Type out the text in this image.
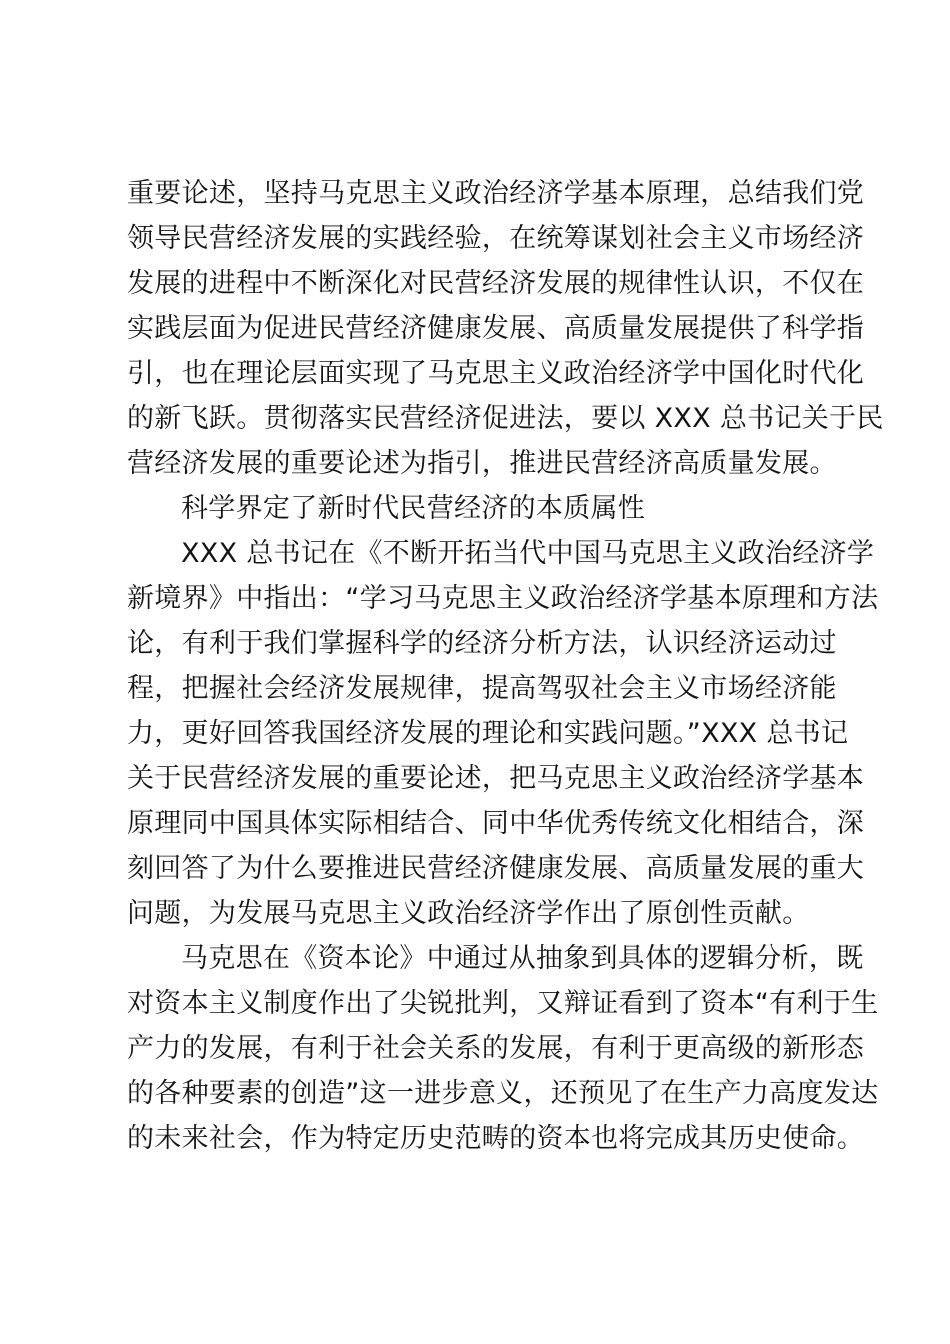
重要论述，坚持马克思主义政治经济学基本原理，总结我们党
领导民营经济发展的实践经验，在统筹谋划社会主义市场经济
发展的进程中不断深化对民营经济发展的规律性认识，不仅在
实践层面为促进民营经济健康发展、高质量发展提供了科学指
引，也在理论层面实现了马克思主义政治经济学中国化时代化
的新飞跃。贯彻落实民营经济促进法，要以 XXX 总书记关于民
营经济发展的重要论述为指引，推进民营经济高质量发展。
科学界定了新时代民营经济的本质属性
XXX 总书记在《不断开拓当代中国马克思主义政治经济学
新境界》中指出：“学习马克思主义政治经济学基本原理和方法
论，有利于我们掌握科学的经济分析方法，认识经济运动过
程，把握社会经济发展规律，提高驾驭社会主义市场经济能
力，更好回答我国经济发展的理论和实践问题。”XXX 总书记
关于民营经济发展的重要论述，把马克思主义政治经济学基本
原理同中国具体实际相结合、同中华优秀传统文化相结合，深
刻回答了为什么要推进民营经济健康发展、高质量发展的重大
问题，为发展马克思主义政治经济学作出了原创性贡献。
马克思在《资本论》中通过从抽象到具体的逻辑分析，既
对资本主义制度作出了尖锐批判，又辩证看到了资本“有利于生
产力的发展，有利于社会关系的发展，有利于更高级的新形态
的各种要素的创造”这一进步意义，还预见了在生产力高度发达
的未来社会，作为特定历史范畴的资本也将完成其历史使命。
